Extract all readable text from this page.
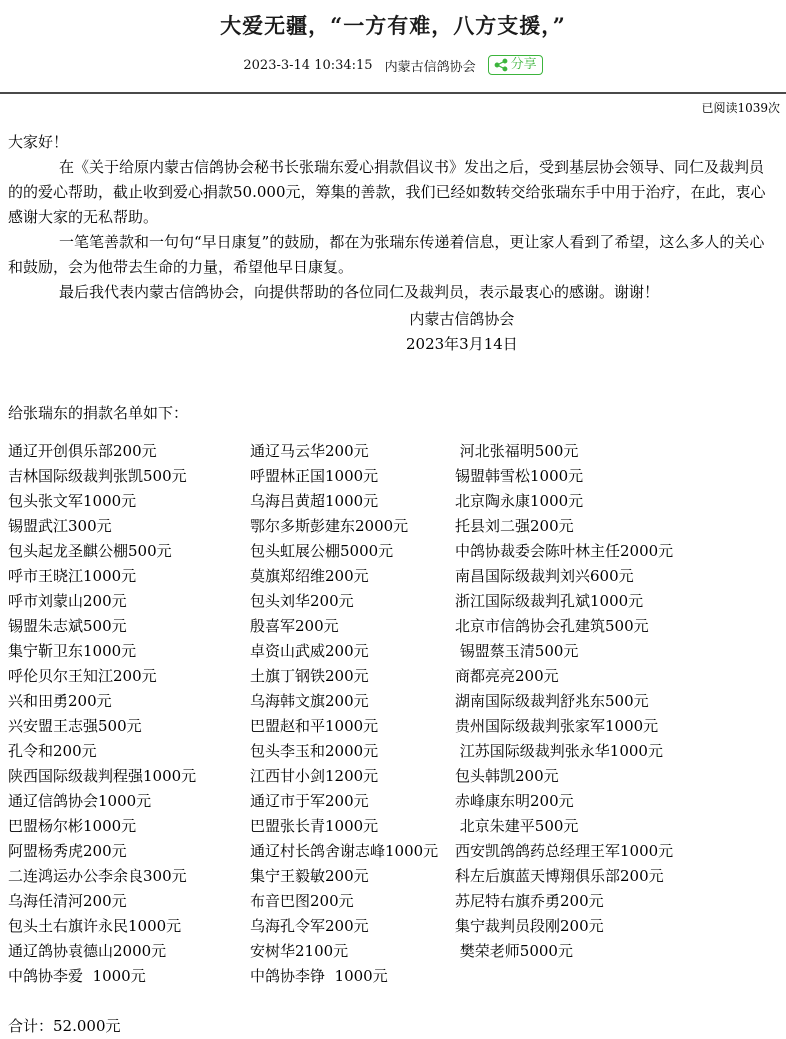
大爱无疆，“一方有难，八方支援，”
2023-3-14 10:34:15 内蒙古信鸽协会	分享
已阅读1039次

大家好！

在《关于给原内蒙古信鸽协会秘书长张瑞东爱心捐款倡议书》发出之后，受到基层协会领导、同仁及裁判员的的爱心帮助，截止收到爱心捐款50.000元，筹集的善款，我们已经如数转交给张瑞东手中用于治疗，在此，衷心感谢大家的无私帮助。

一笔笔善款和一句句“早日康复”的鼓励，都在为张瑞东传递着信息，更让家人看到了希望，这么多人的关心和鼓励，会为他带去生命的力量，希望他早日康复。

最后我代表内蒙古信鸽协会，向提供帮助的各位同仁及裁判员，表示最衷心的感谢。谢谢！

内蒙古信鸽协会
2023年3月14日

给张瑞东的捐款名单如下：

通辽开创俱乐部200元	通辽马云华200元	河北张福明500元
吉林国际级裁判张凯500元	呼盟林正国1000元	锡盟韩雪松1000元
包头张文军1000元	乌海吕黄超1000元	北京陶永康1000元
锡盟武江300元	鄂尔多斯彭建东2000元	托县刘二强200元
包头起龙圣麒公棚500元	包头虹展公棚5000元	中鸽协裁委会陈叶林主任2000元
呼市王晓江1000元	莫旗郑绍维200元	南昌国际级裁判刘兴600元
呼市刘蒙山200元	包头刘华200元	浙江国际级裁判孔斌1000元
锡盟朱志斌500元	殷喜军200元	北京市信鸽协会孔建筑500元
集宁靳卫东1000元	卓资山武威200元	锡盟蔡玉清500元
呼伦贝尔王知江200元	土旗丁钢铁200元	商都亮亮200元
兴和田勇200元	乌海韩文旗200元	湖南国际级裁判舒兆东500元
兴安盟王志强500元	巴盟赵和平1000元	贵州国际级裁判张家军1000元
孔令和200元	包头李玉和2000元	江苏国际级裁判张永华1000元
陕西国际级裁判程强1000元	江西甘小剑1200元	包头韩凯200元
通辽信鸽协会1000元	通辽市于军200元	赤峰康东明200元
巴盟杨尔彬1000元	巴盟张长青1000元	北京朱建平500元
阿盟杨秀虎200元	通辽村长鸽舍谢志峰1000元	西安凯鸽鸽药总经理王军1000元
二连鸿运办公李余良300元	集宁王毅敏200元	科左后旗蓝天博翔俱乐部200元
乌海任清河200元	布音巴图200元	苏尼特右旗乔勇200元
包头土右旗许永民1000元	乌海孔令军200元	集宁裁判员段刚200元
通辽鸽协袁德山2000元	安树华2100元	樊荣老师5000元
中鸽协李爱  1000元	中鸽协李铮  1000元

合计：52.000元
